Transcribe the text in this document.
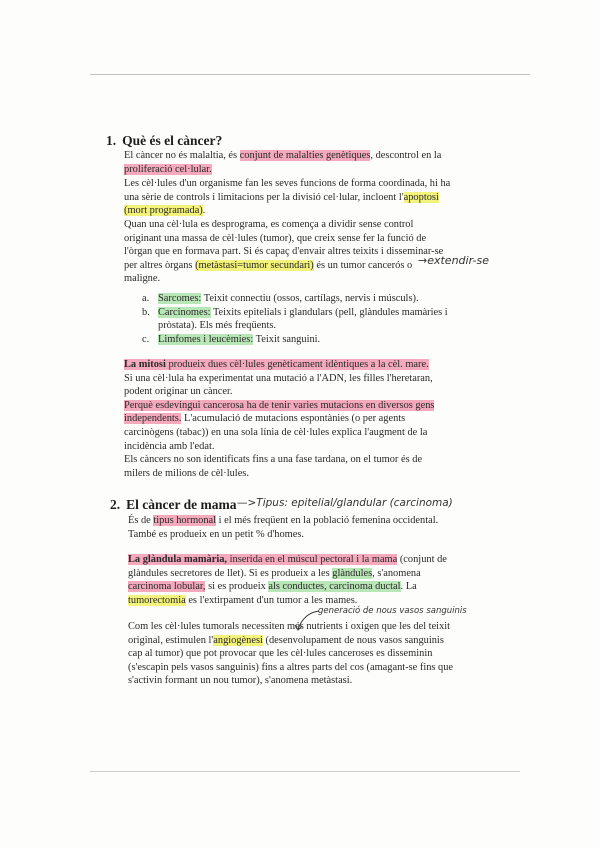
1. Què és el càncer?
El càncer no és malaltia, és conjunt de malalties genètiques, descontrol en la
proliferació cel·lular.
Les cèl·lules d'un organisme fan les seves funcions de forma coordinada, hi ha
una sèrie de controls i limitacions per la divisió cel·lular, incloent l'apoptosi
(mort programada).
Quan una cèl·lula es desprograma, es comença a dividir sense control
originant una massa de cèl·lules (tumor), que creix sense fer la funció de
l'òrgan que en formava part. Si és capaç d'envair altres teixits i disseminar-se
per altres òrgans (metàstasi=tumor secundari) és un tumor cancerós o
maligne.
→extendir-se
a. Sarcomes: Teixit connectiu (ossos, cartílags, nervis i músculs).
b. Carcinomes: Teixits epitelials i glandulars (pell, glàndules mamàries i
pròstata). Els més freqüents.
c. Limfomes i leucèmies: Teixit sanguini.
La mitosi produeix dues cèl·lules genèticament idèntiques a la cèl. mare.
Si una cèl·lula ha experimentat una mutació a l'ADN, les filles l'heretaran,
podent originar un càncer.
Perquè esdevingui cancerosa ha de tenir varies mutacions en diversos gens
independents. L'acumulació de mutacions espontànies (o per agents
carcinògens (tabac)) en una sola línia de cèl·lules explica l'augment de la
incidència amb l'edat.
Els càncers no son identificats fins a una fase tardana, on el tumor és de
milers de milions de cèl·lules.
2. El càncer de mama —>Tipus: epitelial/glandular (carcinoma)
És de tipus hormonal i el més freqüent en la població femenina occidental.
També es produeix en un petit % d'homes.
La glàndula mamària, inserida en el múscul pectoral i la mama (conjunt de
glàndules secretores de llet). Si es produeix a les glàndules, s'anomena
carcinoma lobular, si es produeix als conductes, carcinoma ductal. La
tumorectomia es l'extirpament d'un tumor a les mames.
generació de nous vasos sanguinis
Com les cèl·lules tumorals necessiten més nutrients i oxigen que les del teixit
original, estimulen l'angiogènesi (desenvolupament de nous vasos sanguinis
cap al tumor) que pot provocar que les cèl·lules canceroses es disseminin
(s'escapin pels vasos sanguinis) fins a altres parts del cos (amagant-se fins que
s'activin formant un nou tumor), s'anomena metàstasi.
